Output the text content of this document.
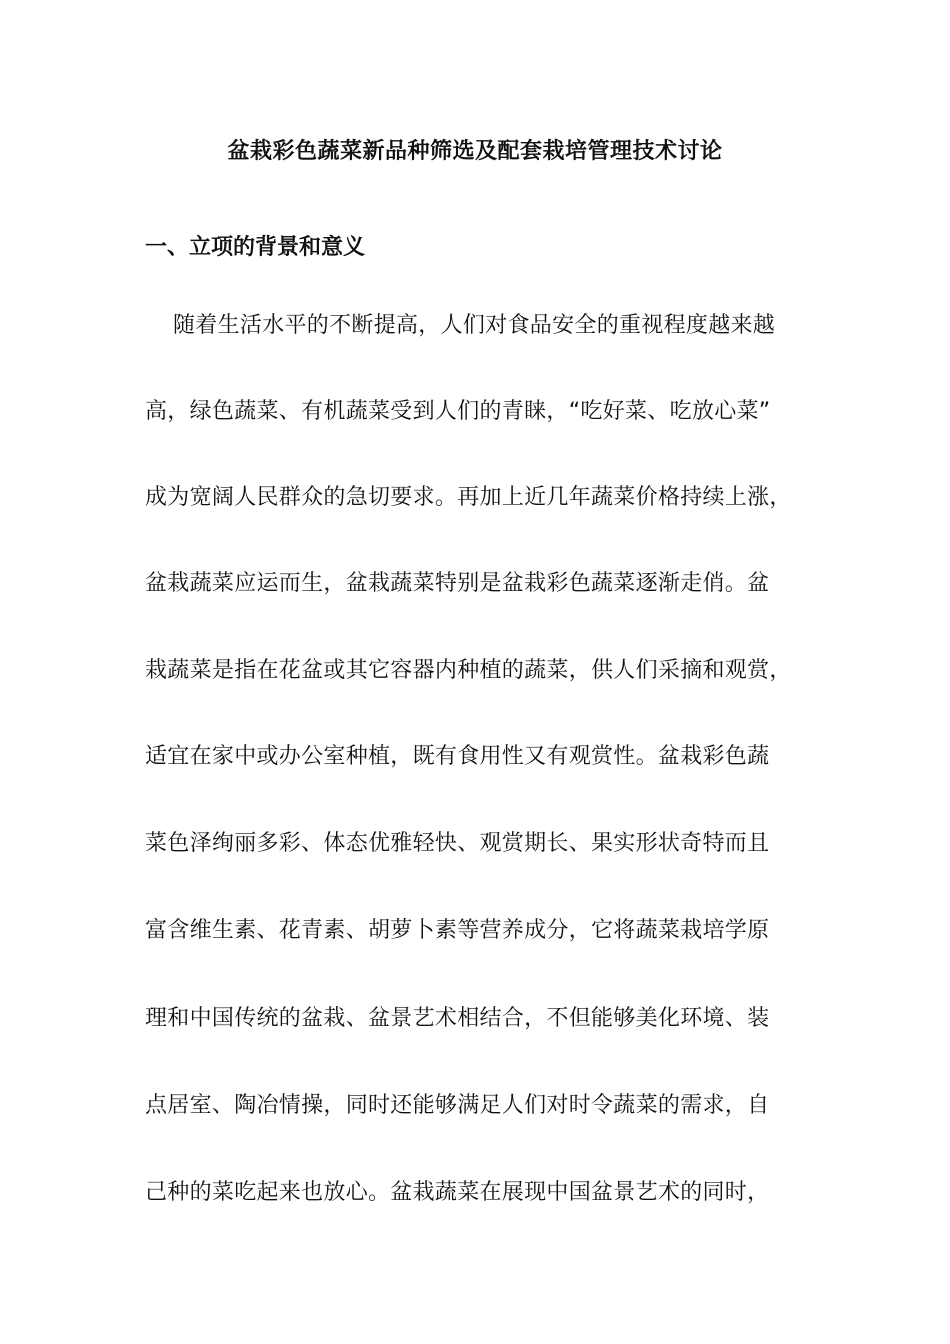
盆栽彩色蔬菜新品种筛选及配套栽培管理技术讨论
一、立项的背景和意义
随着生活水平的不断提高，人们对食品安全的重视程度越来越
高，绿色蔬菜、有机蔬菜受到人们的青睐，“吃好菜、吃放心菜”
成为宽阔人民群众的急切要求。再加上近几年蔬菜价格持续上涨，
盆栽蔬菜应运而生，盆栽蔬菜特别是盆栽彩色蔬菜逐渐走俏。盆
栽蔬菜是指在花盆或其它容器内种植的蔬菜，供人们采摘和观赏，
适宜在家中或办公室种植，既有食用性又有观赏性。盆栽彩色蔬
菜色泽绚丽多彩、体态优雅轻快、观赏期长、果实形状奇特而且
富含维生素、花青素、胡萝卜素等营养成分，它将蔬菜栽培学原
理和中国传统的盆栽、盆景艺术相结合，不但能够美化环境、装
点居室、陶冶情操，同时还能够满足人们对时令蔬菜的需求，自
己种的菜吃起来也放心。盆栽蔬菜在展现中国盆景艺术的同时，
